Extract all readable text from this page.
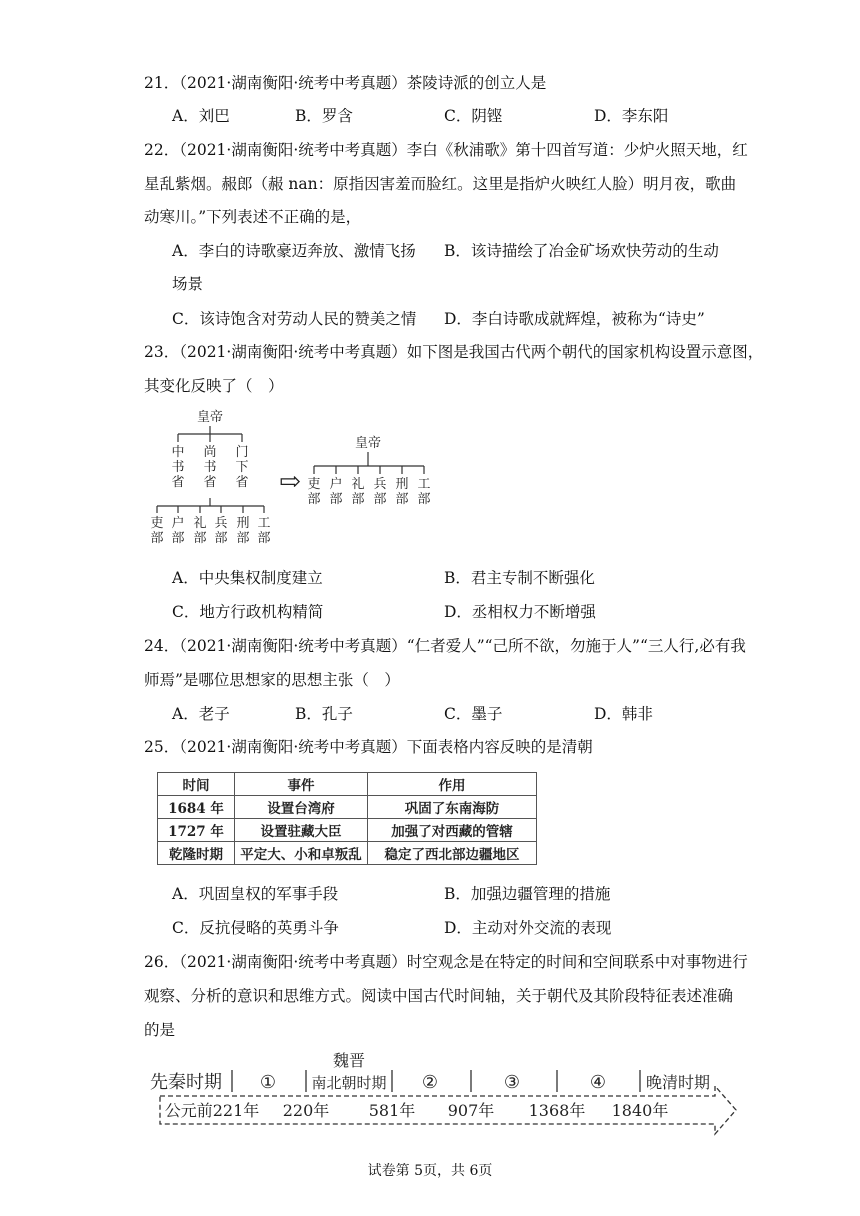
21．（2021·湖南衡阳·统考中考真题）茶陵诗派的创立人是
A．刘巴	B．罗含	C．阴铿	D．李东阳
22．（2021·湖南衡阳·统考中考真题）李白《秋浦歌》第十四首写道：少炉火照天地，红
星乱紫烟。赧郎（赧 nan：原指因害羞而脸红。这里是指炉火映红人脸）明月夜，歌曲
动寒川。”下列表述不正确的是，
A．李白的诗歌豪迈奔放、激情飞扬 B．该诗描绘了冶金矿场欢快劳动的生动
场景
C．该诗饱含对劳动人民的赞美之情 D．李白诗歌成就辉煌，被称为“诗史”
23．（2021·湖南衡阳·统考中考真题）如下图是我国古代两个朝代的国家机构设置示意图，
其变化反映了（　）
皇帝
中书省
尚书省
门下省
吏部
户部
礼部
兵部
刑部
工部
皇帝
吏部
户部
礼部
兵部
刑部
工部
⇨
A．中央集权制度建立	B．君主专制不断强化
C．地方行政机构精简	D．丞相权力不断增强
24．（2021·湖南衡阳·统考中考真题）“仁者爱人”“己所不欲，勿施于人”“三人行,必有我
师焉”是哪位思想家的思想主张（　）
A．老子	B．孔子	C．墨子	D．韩非
25．（2021·湖南衡阳·统考中考真题）下面表格内容反映的是清朝
时间	事件	作用
1684 年	设置台湾府	巩固了东南海防
1727 年	设置驻藏大臣	加强了对西藏的管辖
乾隆时期	平定大、小和卓叛乱	稳定了西北部边疆地区
A．巩固皇权的军事手段	B．加强边疆管理的措施
C．反抗侵略的英勇斗争	D．主动对外交流的表现
26．（2021·湖南衡阳·统考中考真题）时空观念是在特定的时间和空间联系中对事物进行
观察、分析的意识和思维方式。阅读中国古代时间轴，关于朝代及其阶段特征表述准确
的是
先秦时期 ①
魏晋
南北朝时期 ②	③	④ 晚清时期
公元前221年 220年 581年 907年 1368年 1840年
试卷第 5页，共 6页
